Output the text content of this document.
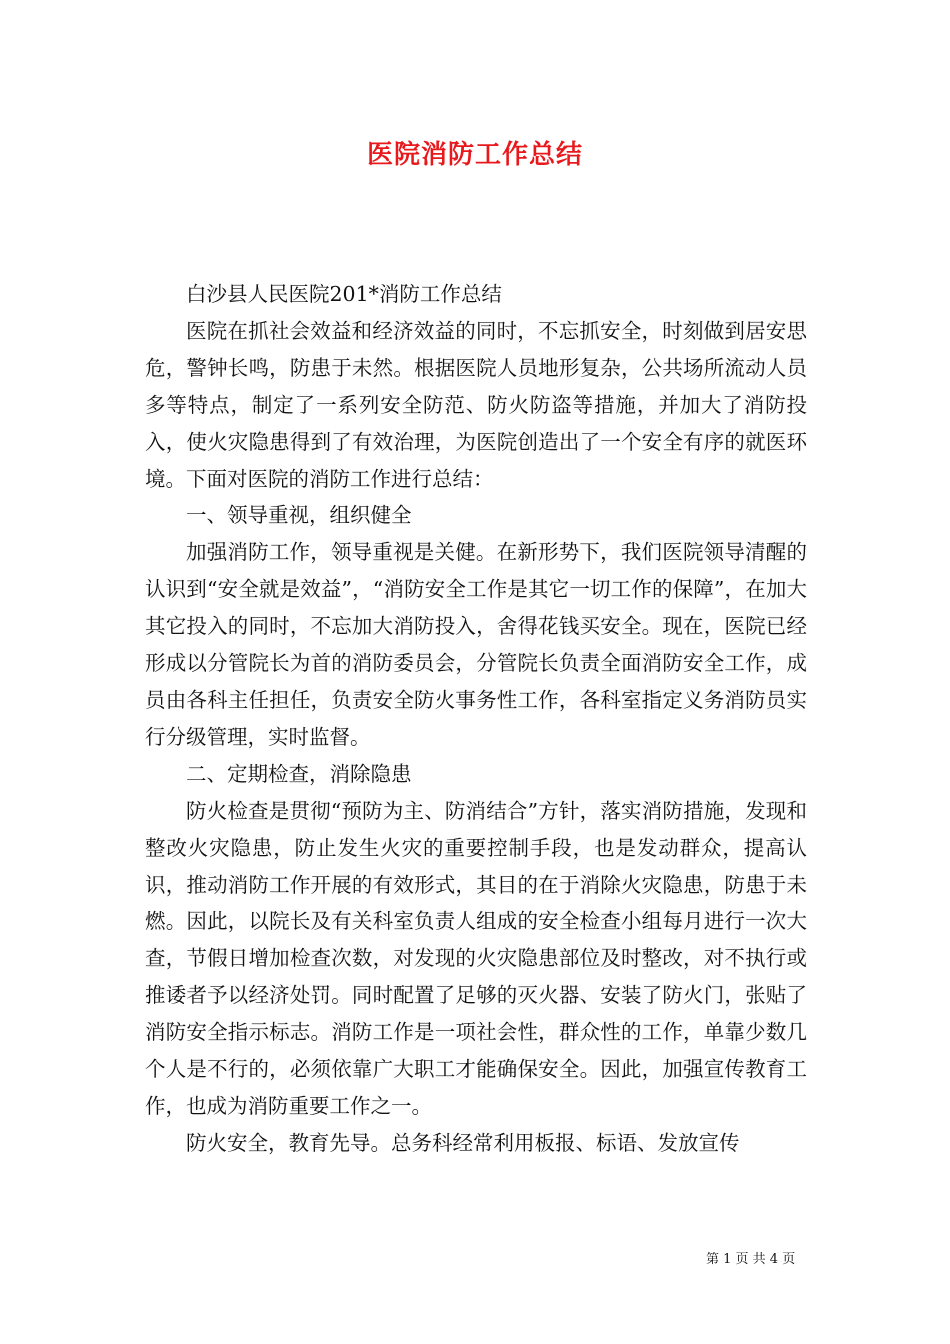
医院消防工作总结

白沙县人民医院201*消防工作总结

医院在抓社会效益和经济效益的同时，不忘抓安全，时刻做到居安思危，警钟长鸣，防患于未然。根据医院人员地形复杂，公共场所流动人员多等特点，制定了一系列安全防范、防火防盗等措施，并加大了消防投入，使火灾隐患得到了有效治理，为医院创造出了一个安全有序的就医环境。下面对医院的消防工作进行总结：

一、领导重视，组织健全

加强消防工作，领导重视是关健。在新形势下，我们医院领导清醒的认识到“安全就是效益”，“消防安全工作是其它一切工作的保障”，在加大其它投入的同时，不忘加大消防投入，舍得花钱买安全。现在，医院已经形成以分管院长为首的消防委员会，分管院长负责全面消防安全工作，成员由各科主任担任，负责安全防火事务性工作，各科室指定义务消防员实行分级管理，实时监督。

二、定期检查，消除隐患

防火检查是贯彻“预防为主、防消结合”方针，落实消防措施，发现和整改火灾隐患，防止发生火灾的重要控制手段，也是发动群众，提高认识，推动消防工作开展的有效形式，其目的在于消除火灾隐患，防患于未燃。因此，以院长及有关科室负责人组成的安全检查小组每月进行一次大查，节假日增加检查次数，对发现的火灾隐患部位及时整改，对不执行或推诿者予以经济处罚。同时配置了足够的灭火器、安装了防火门，张贴了消防安全指示标志。消防工作是一项社会性，群众性的工作，单靠少数几个人是不行的，必须依靠广大职工才能确保安全。因此，加强宣传教育工作，也成为消防重要工作之一。

防火安全，教育先导。总务科经常利用板报、标语、发放宣传

第 1 页 共 4 页
